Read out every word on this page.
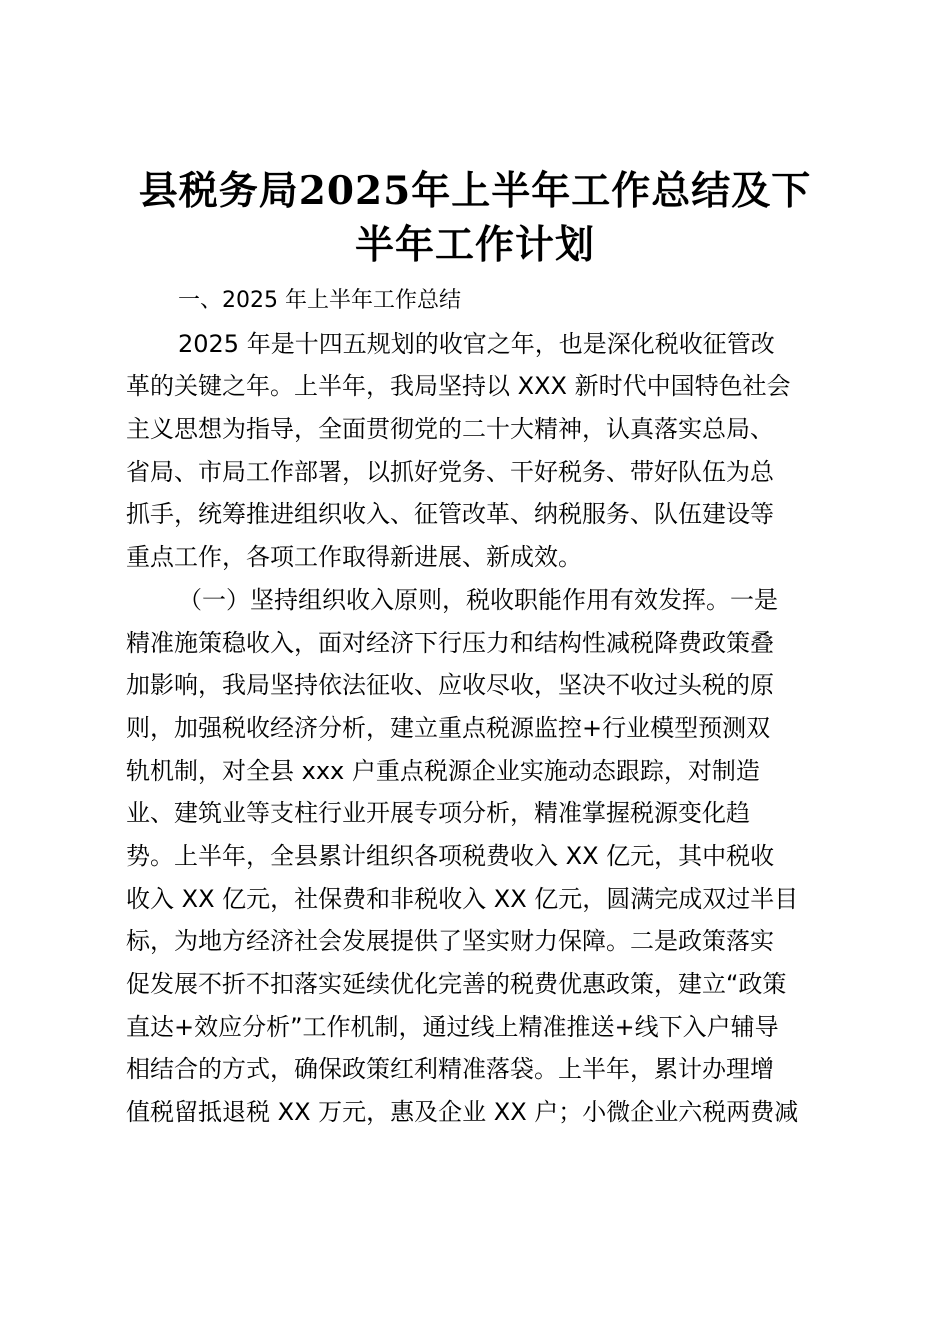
县税务局2025年上半年工作总结及下
半年工作计划
一、2025 年上半年工作总结
2025 年是十四五规划的收官之年，也是深化税收征管改
革的关键之年。上半年，我局坚持以 XXX 新时代中国特色社会
主义思想为指导，全面贯彻党的二十大精神，认真落实总局、
省局、市局工作部署，以抓好党务、干好税务、带好队伍为总
抓手，统筹推进组织收入、征管改革、纳税服务、队伍建设等
重点工作，各项工作取得新进展、新成效。
（一）坚持组织收入原则，税收职能作用有效发挥。一是
精准施策稳收入，面对经济下行压力和结构性减税降费政策叠
加影响，我局坚持依法征收、应收尽收，坚决不收过头税的原
则，加强税收经济分析，建立重点税源监控+行业模型预测双
轨机制，对全县 xxx 户重点税源企业实施动态跟踪，对制造
业、建筑业等支柱行业开展专项分析，精准掌握税源变化趋
势。上半年，全县累计组织各项税费收入 XX 亿元，其中税收
收入 XX 亿元，社保费和非税收入 XX 亿元，圆满完成双过半目
标，为地方经济社会发展提供了坚实财力保障。二是政策落实
促发展不折不扣落实延续优化完善的税费优惠政策，建立“政策
直达+效应分析”工作机制，通过线上精准推送+线下入户辅导
相结合的方式，确保政策红利精准落袋。上半年，累计办理增
值税留抵退税 XX 万元，惠及企业 XX 户；小微企业六税两费减
